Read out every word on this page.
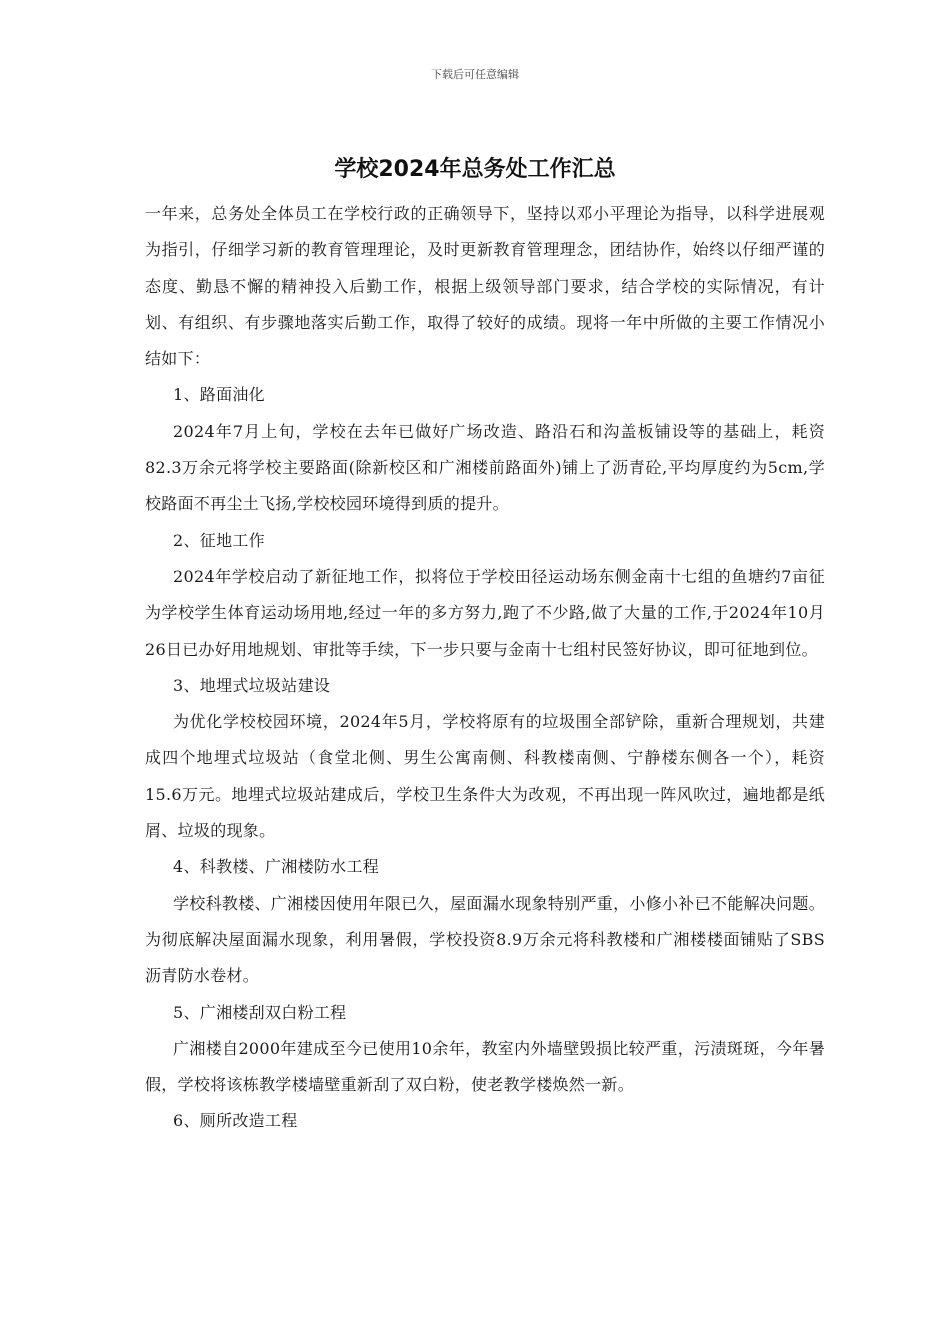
下载后可任意编辑
学校2024年总务处工作汇总

一年来，总务处全体员工在学校行政的正确领导下，坚持以邓小平理论为指导，以科学进展观为指引，仔细学习新的教育管理理论，及时更新教育管理理念，团结协作，始终以仔细严谨的态度、勤恳不懈的精神投入后勤工作，根据上级领导部门要求，结合学校的实际情况，有计划、有组织、有步骤地落实后勤工作，取得了较好的成绩。现将一年中所做的主要工作情况小结如下：

1、路面油化

2024年7月上旬，学校在去年已做好广场改造、路沿石和沟盖板铺设等的基础上，耗资82.3万余元将学校主要路面(除新校区和广湘楼前路面外)铺上了沥青砼,平均厚度约为5cm,学校路面不再尘土飞扬,学校校园环境得到质的提升。

2、征地工作

2024年学校启动了新征地工作，拟将位于学校田径运动场东侧金南十七组的鱼塘约7亩征为学校学生体育运动场用地,经过一年的多方努力,跑了不少路,做了大量的工作,于2024年10月26日已办好用地规划、审批等手续，下一步只要与金南十七组村民签好协议，即可征地到位。

3、地埋式垃圾站建设

为优化学校校园环境，2024年5月，学校将原有的垃圾围全部铲除，重新合理规划，共建成四个地埋式垃圾站（食堂北侧、男生公寓南侧、科教楼南侧、宁静楼东侧各一个），耗资15.6万元。地埋式垃圾站建成后，学校卫生条件大为改观，不再出现一阵风吹过，遍地都是纸屑、垃圾的现象。

4、科教楼、广湘楼防水工程

学校科教楼、广湘楼因使用年限已久，屋面漏水现象特别严重，小修小补已不能解决问题。为彻底解决屋面漏水现象，利用暑假，学校投资8.9万余元将科教楼和广湘楼楼面铺贴了SBS沥青防水卷材。

5、广湘楼刮双白粉工程

广湘楼自2000年建成至今已使用10余年，教室内外墙壁毁损比较严重，污渍斑斑，今年暑假，学校将该栋教学楼墙壁重新刮了双白粉，使老教学楼焕然一新。

6、厕所改造工程
